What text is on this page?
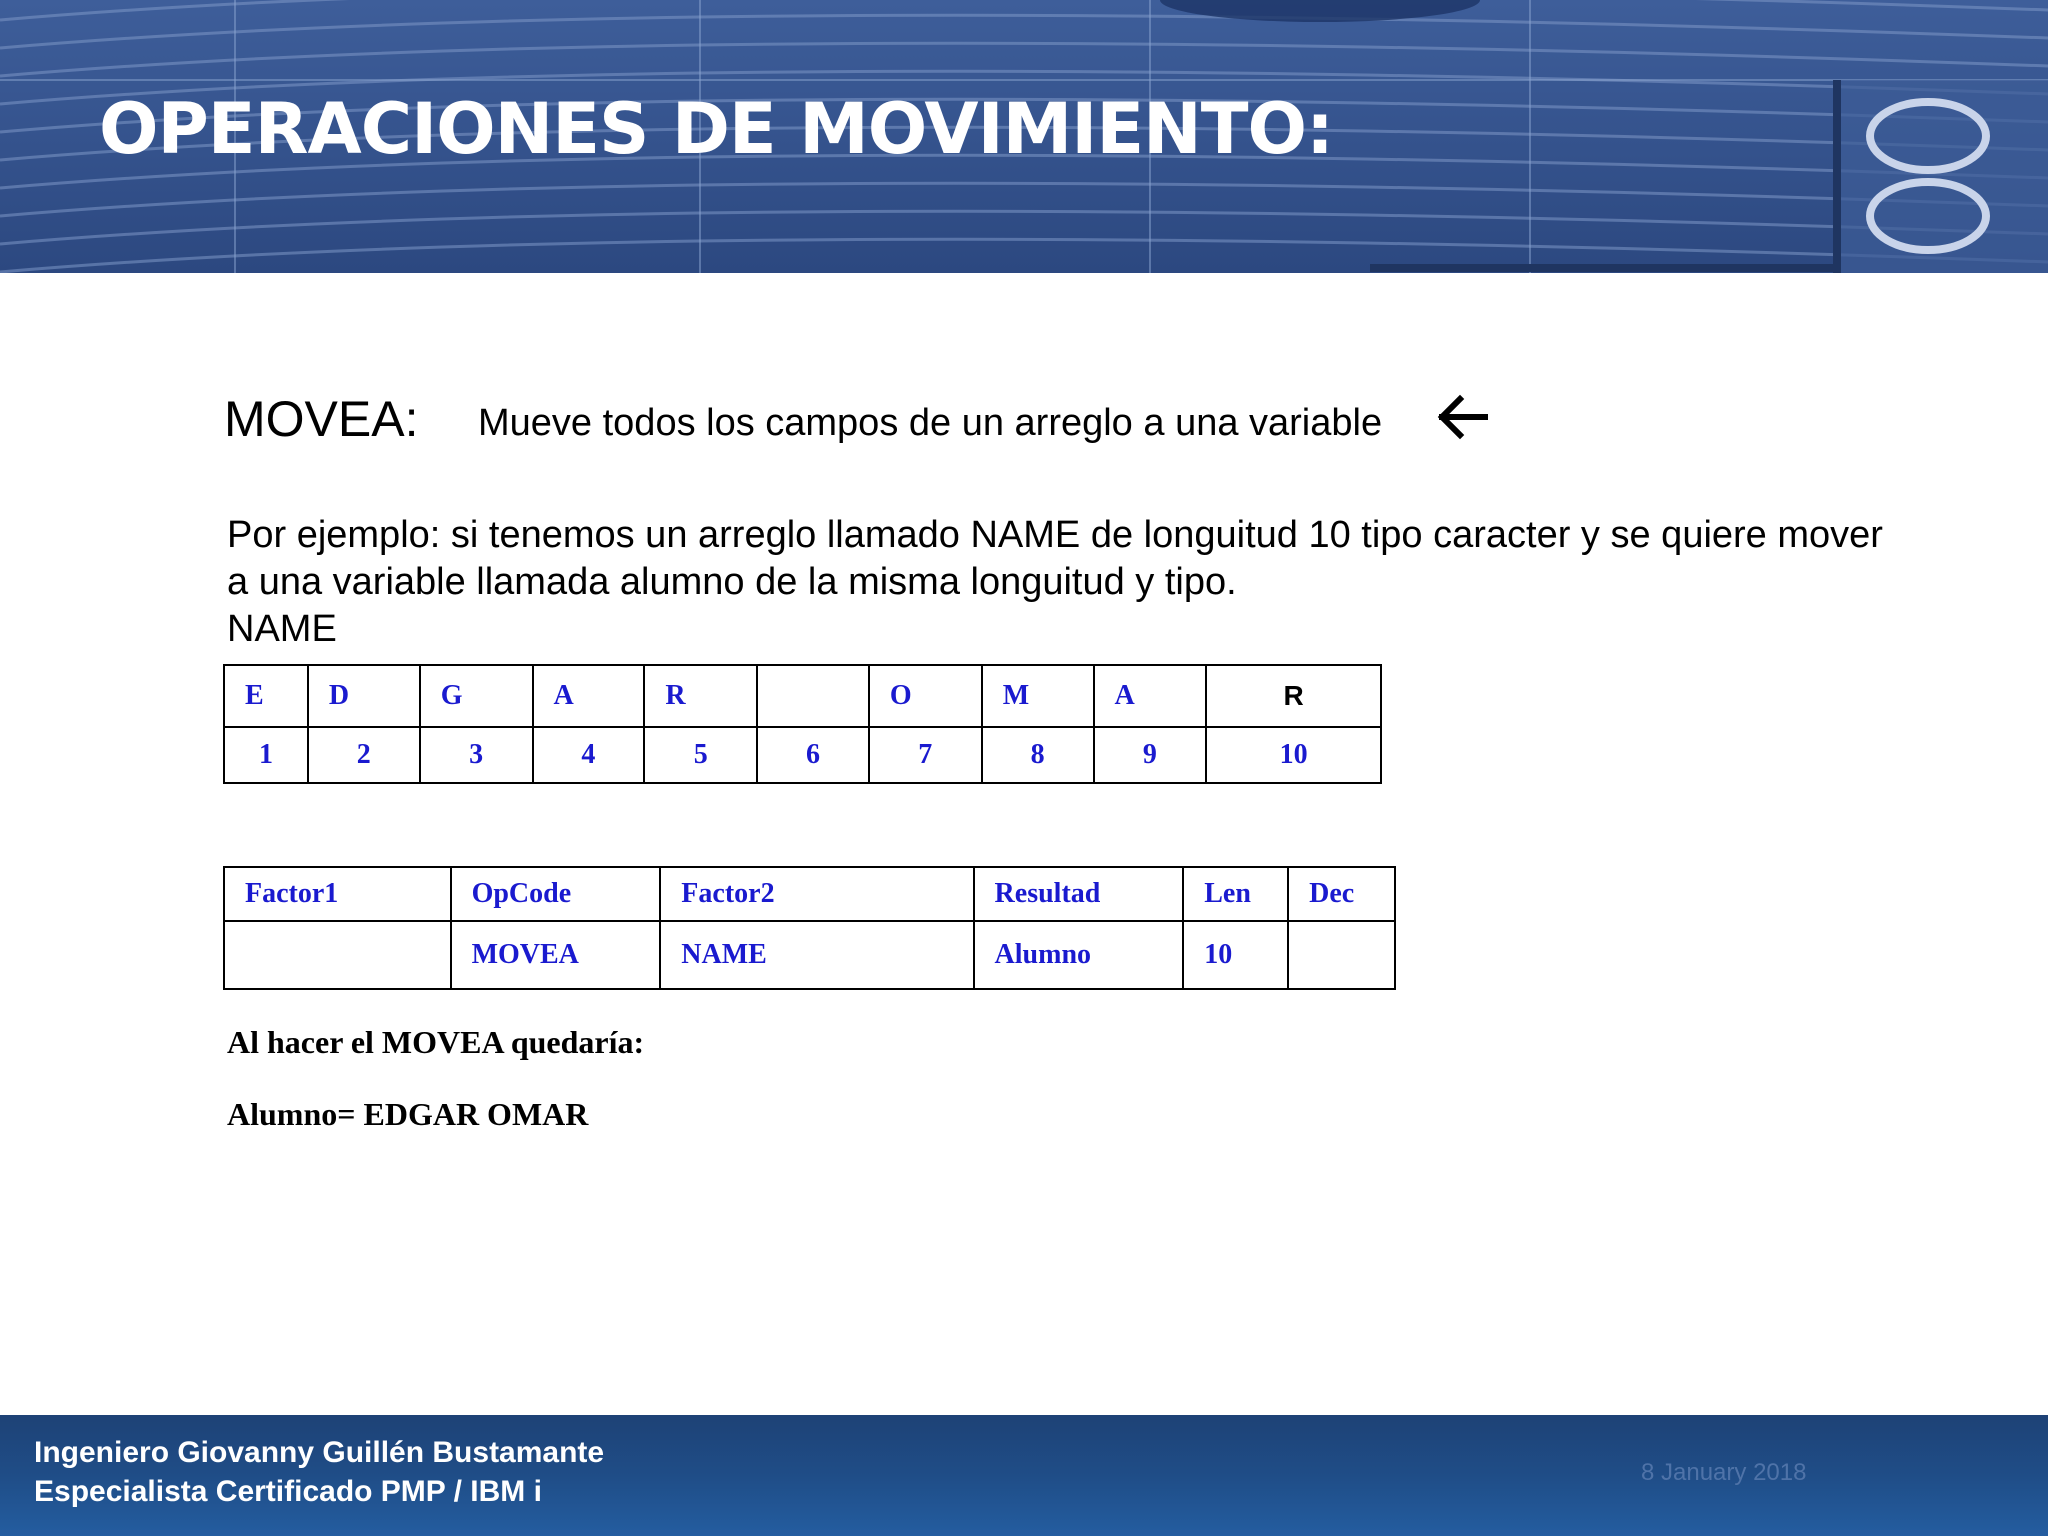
OPERACIONES DE MOVIMIENTO:
MOVEA: Mueve todos los campos de un arreglo a una variable

Por ejemplo: si tenemos un arreglo llamado NAME de longuitud 10 tipo caracter y se quiere mover

a una variable llamada alumno de la misma longuitud y tipo.

NAME

E	D	G	A	R		O	M	A	R
1	2	3	4	5	6	7	8	9	10
Factor1	OpCode	Factor2	Resultad	Len	Dec
	MOVEA	NAME	Alumno	10	

Al hacer el MOVEA quedaría:

Alumno= EDGAR OMAR

Ingeniero Giovanny Guillén Bustamante
Especialista Certificado PMP / IBM i
8 January 2018
